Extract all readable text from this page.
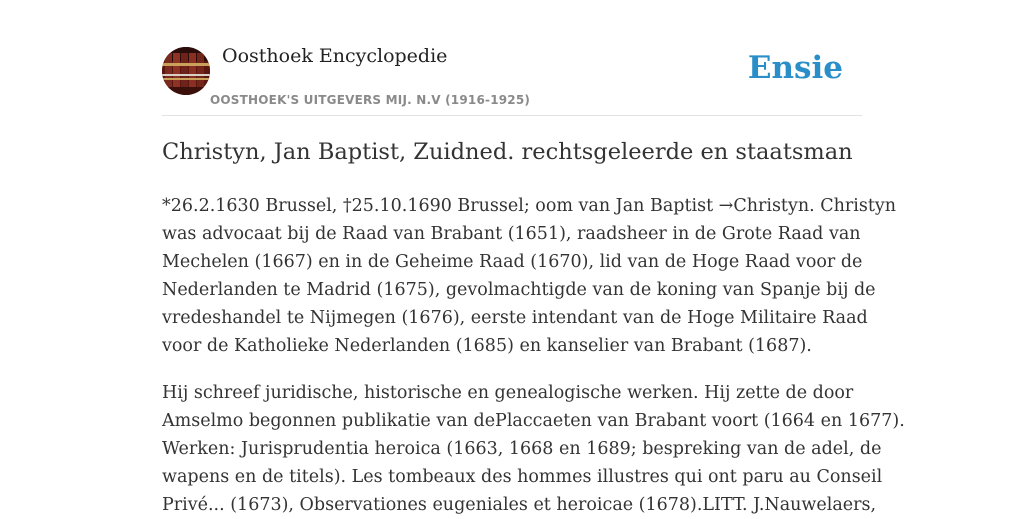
Oosthoek Encyclopedie
OOSTHOEK'S UITGEVERS MIJ. N.V (1916-1925)
Ensie
Christyn, Jan Baptist, Zuidned. rechtsgeleerde en staatsman

*26.2.1630 Brussel, †25.10.1690 Brussel; oom van Jan Baptist →Christyn. Christyn
was advocaat bij de Raad van Brabant (1651), raadsheer in de Grote Raad van
Mechelen (1667) en in de Geheime Raad (1670), lid van de Hoge Raad voor de
Nederlanden te Madrid (1675), gevolmachtigde van de koning van Spanje bij de
vredeshandel te Nijmegen (1676), eerste intendant van de Hoge Militaire Raad
voor de Katholieke Nederlanden (1685) en kanselier van Brabant (1687).

Hij schreef juridische, historische en genealogische werken. Hij zette de door
Amselmo begonnen publikatie van dePlaccaeten van Brabant voort (1664 en 1677).
Werken: Jurisprudentia heroica (1663, 1668 en 1689; bespreking van de adel, de
wapens en de titels). Les tombeaux des hommes illustres qui ont paru au Conseil
Privé... (1673), Observationes eugeniales et heroicae (1678).LITT. J.Nauwelaers,
